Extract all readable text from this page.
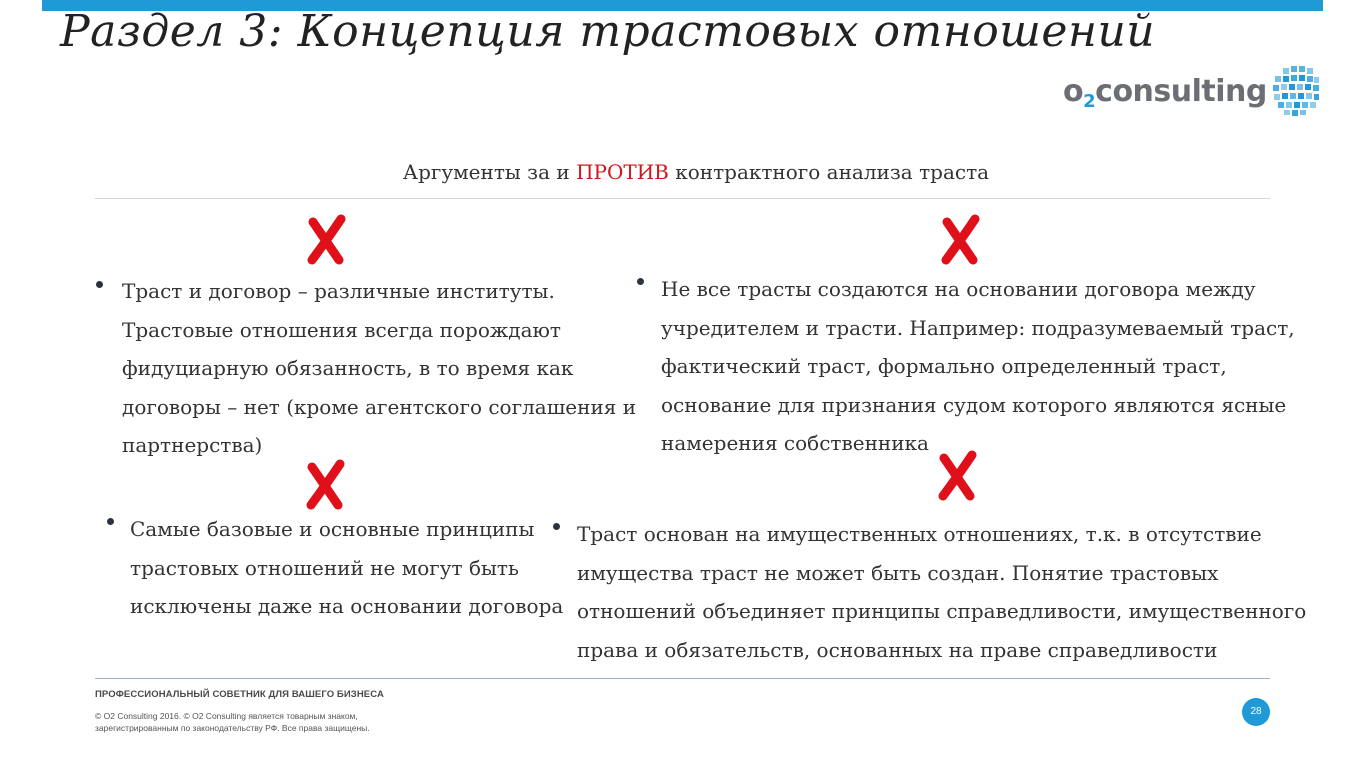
Раздел 3: Концепция трастовых отношений
$o_2consulting$
Аргументы за и ПРОТИВ контрактного анализа траста
Траст и договор – различные институты.
Трастовые отношения всегда порождают
фидуциарную обязанность, в то время как
договоры – нет (кроме агентского соглашения и
партнерства)
Не все трасты создаются на основании договора между
учредителем и трасти. Например: подразумеваемый траст,
фактический траст, формально определенный траст,
основание для признания судом которого являются ясные
намерения собственника
Самые базовые и основные принципы
трастовых отношений не могут быть
исключены даже на основании договора
Траст основан на имущественных отношениях, т.к. в отсутствие
имущества траст не может быть создан. Понятие трастовых
отношений объединяет принципы справедливости, имущественного
права и обязательств, основанных на праве справедливости
ПРОФЕССИОНАЛЬНЫЙ СОВЕТНИК ДЛЯ ВАШЕГО БИЗНЕСА
© O2 Consulting 2016. © O2 Consulting является товарным знаком,
зарегистрированным по законодательству РФ. Все права защищены.
28
